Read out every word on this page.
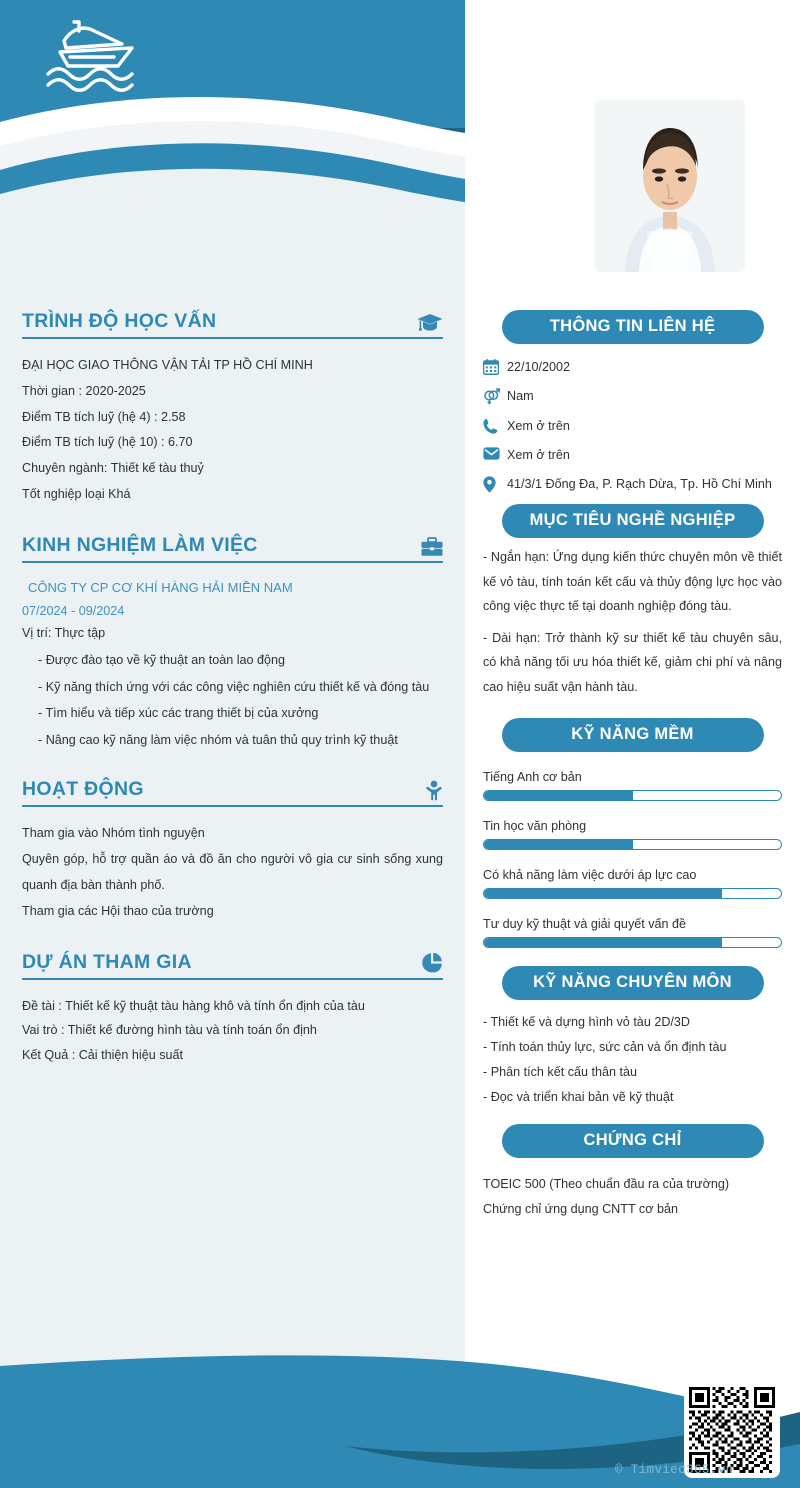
TRÌNH ĐỘ HỌC VẤN
ĐẠI HỌC GIAO THÔNG VẬN TẢI TP HỒ CHÍ MINH
Thời gian : 2020-2025
Điểm TB tích luỹ (hệ 4) : 2.58
Điểm TB tích luỹ (hệ 10) : 6.70
Chuyên ngành: Thiết kế tàu thuỷ
Tốt nghiệp loại Khá
KINH NGHIỆM LÀM VIỆC
CÔNG TY CP CƠ KHÍ HÀNG HẢI MIỀN NAM
07/2024 - 09/2024
Vị trí: Thực tập
- Được đào tạo về kỹ thuật an toàn lao động
- Kỹ năng thích ứng với các công việc nghiên cứu thiết kế và đóng tàu
- Tìm hiểu và tiếp xúc các trang thiết bị của xưởng
- Nâng cao kỹ năng làm việc nhóm và tuân thủ quy trình kỹ thuật
HOẠT ĐỘNG
Tham gia vào Nhóm tình nguyện
Quyên góp, hỗ trợ quần áo và đồ ăn cho người vô gia cư sinh sống xung quanh địa bàn thành phố.
Tham gia các Hội thao của trường
DỰ ÁN THAM GIA
Đề tài : Thiết kế kỹ thuật tàu hàng khô và tính ổn định của tàu
Vai trò : Thiết kế đường hình tàu và tính toán ổn định
Kết Quả : Cải thiện hiệu suất
THÔNG TIN LIÊN HỆ
22/10/2002
Nam
Xem ở trên
Xem ở trên
41/3/1 Đống Đa, P. Rạch Dừa, Tp. Hồ Chí Minh
MỤC TIÊU NGHỀ NGHIỆP
- Ngắn hạn: Ứng dụng kiến thức chuyên môn về thiết kế vỏ tàu, tính toán kết cấu và thủy động lực học vào công việc thực tế tại doanh nghiệp đóng tàu.
- Dài hạn: Trở thành kỹ sư thiết kế tàu chuyên sâu, có khả năng tối ưu hóa thiết kế, giảm chi phí và nâng cao hiệu suất vận hành tàu.
KỸ NĂNG MỀM
Tiếng Anh cơ bản
Tin học văn phòng
Có khả năng làm việc dưới áp lực cao
Tư duy kỹ thuật và giải quyết vấn đề
KỸ NĂNG CHUYÊN MÔN
- Thiết kế và dựng hình vỏ tàu 2D/3D
- Tính toán thủy lực, sức cản và ổn định tàu
- Phân tích kết cấu thân tàu
- Đọc và triển khai bản vẽ kỹ thuật
CHỨNG CHỈ
TOEIC 500 (Theo chuẩn đầu ra của trường)
Chứng chỉ ứng dụng CNTT cơ bản
© Timviec365.vn
